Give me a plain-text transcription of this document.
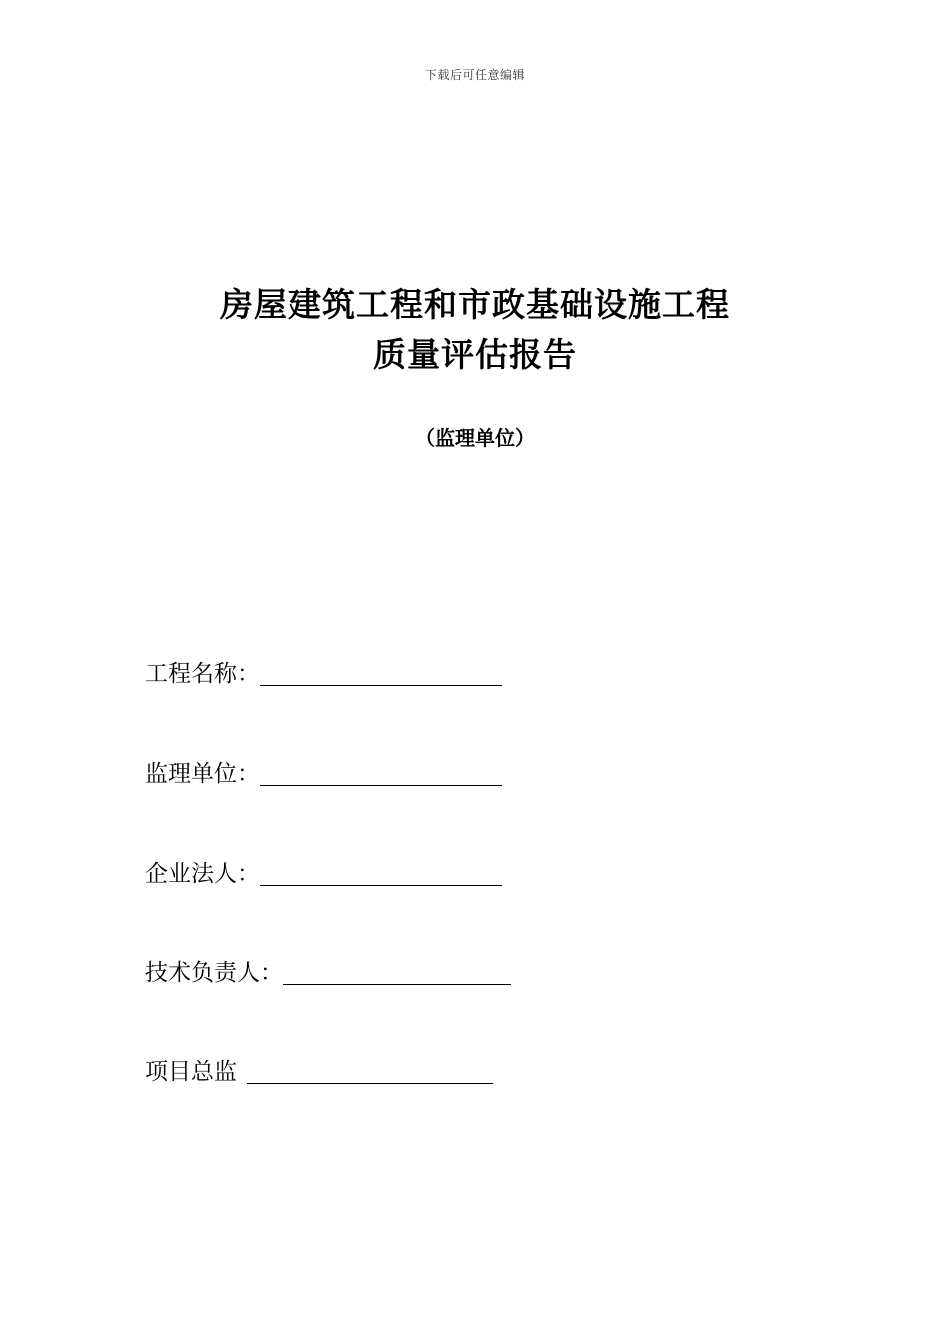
下载后可任意编辑
房屋建筑工程和市政基础设施工程
质量评估报告
（监理单位）
工程名称：
监理单位：
企业法人：
技术负责人：
项目总监
